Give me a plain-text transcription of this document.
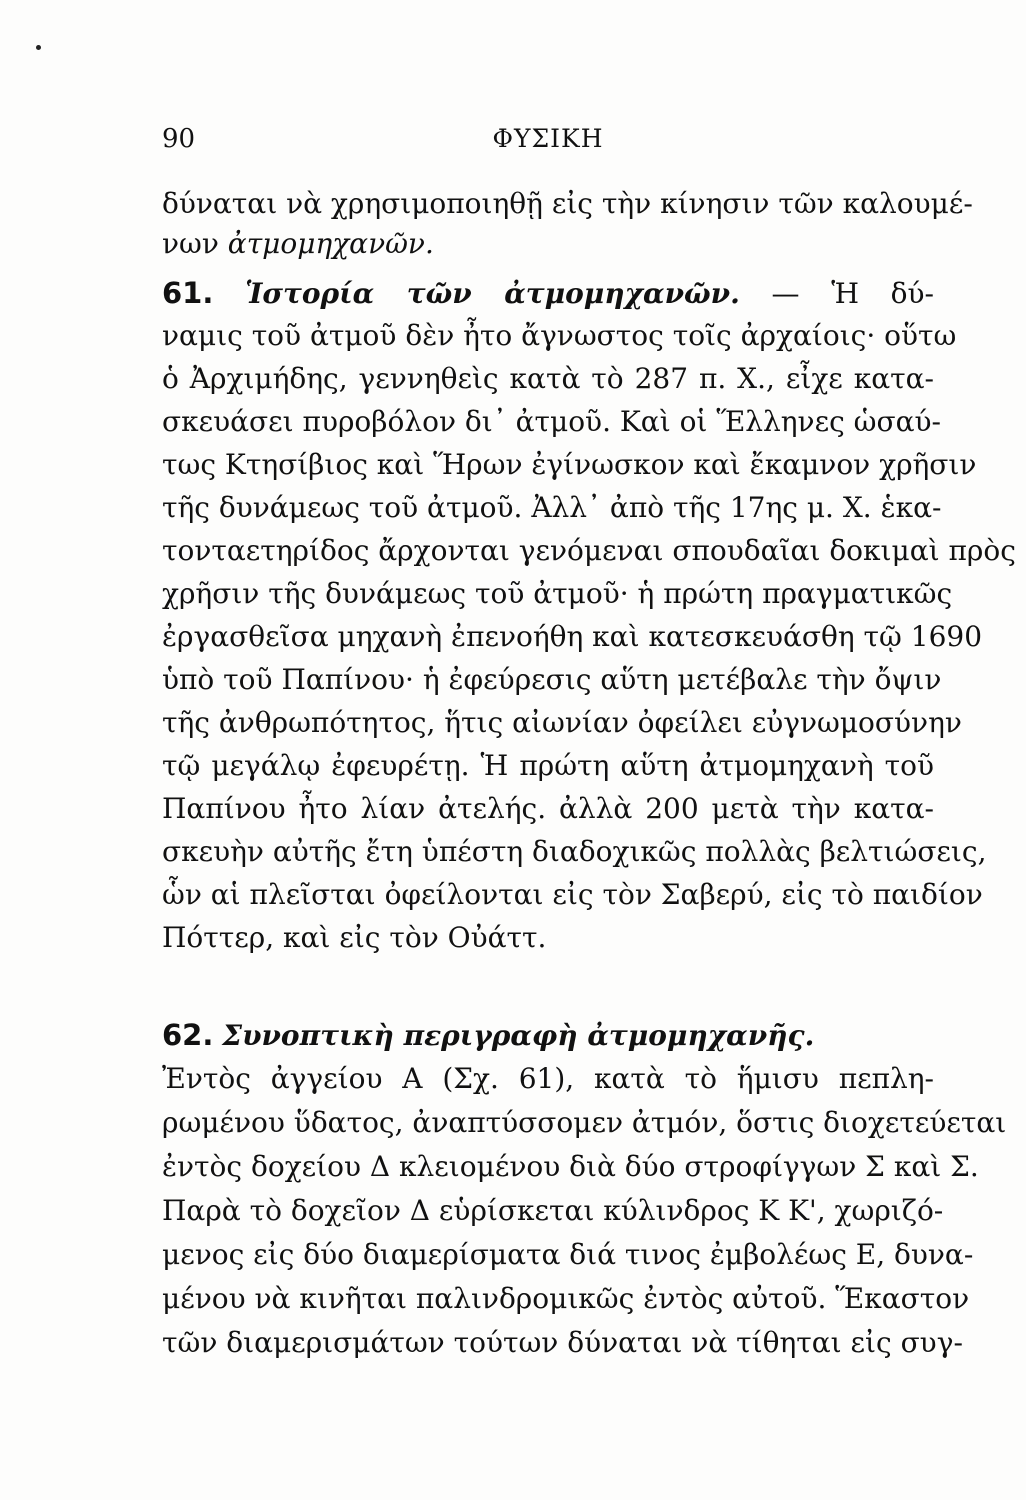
90	ΦΥΣΙΚΗ
δύναται νὰ χρησιμοποιηθῇ εἰς τὴν κίνησιν τῶν καλουμέ-
νων ἀτμομηχανῶν.
61. Ἱστορία τῶν ἀτμομηχανῶν. — Ἡ δύ-
ναμις τοῦ ἀτμοῦ δὲν ἦτο ἄγνωστος τοῖς ἀρχαίοις· οὕτω
ὁ Ἀρχιμήδης, γεννηθεὶς κατὰ τὸ 287 π. Χ., εἶχε κατα-
σκευάσει πυροβόλον δι᾽ ἀτμοῦ. Καὶ οἱ Ἕλληνες ὡσαύ-
τως Κτησίβιος καὶ Ἥρων ἐγίνωσκον καὶ ἔκαμνον χρῆσιν
τῆς δυνάμεως τοῦ ἀτμοῦ. Ἀλλ᾽ ἀπὸ τῆς 17ης μ. Χ. ἑκα-
τονταετηρίδος ἄρχονται γενόμεναι σπουδαῖαι δοκιμαὶ πρὸς
χρῆσιν τῆς δυνάμεως τοῦ ἀτμοῦ· ἡ πρώτη πραγματικῶς
ἐργασθεῖσα μηχανὴ ἐπενοήθη καὶ κατεσκευάσθη τῷ 1690
ὑπὸ τοῦ Παπίνου· ἡ ἐφεύρεσις αὕτη μετέβαλε τὴν ὄψιν
τῆς ἀνθρωπότητος, ἥτις αἰωνίαν ὀφείλει εὐγνωμοσύνην
τῷ μεγάλῳ ἐφευρέτῃ. Ἡ πρώτη αὕτη ἀτμομηχανὴ τοῦ
Παπίνου ἦτο λίαν ἀτελής. ἀλλὰ 200 μετὰ τὴν κατα-
σκευὴν αὐτῆς ἔτη ὑπέστη διαδοχικῶς πολλὰς βελτιώσεις,
ὧν αἱ πλεῖσται ὀφείλονται εἰς τὸν Σαβερύ, εἰς τὸ παιδίον
Πόττερ, καὶ εἰς τὸν Οὐάττ.
62. Συνοπτικὴ περιγραφὴ ἀτμομηχανῆς.
Ἐντὸς ἀγγείου Α (Σχ. 61), κατὰ τὸ ἥμισυ πεπλη-
ρωμένου ὕδατος, ἀναπτύσσομεν ἀτμόν, ὅστις διοχετεύεται
ἐντὸς δοχείου Δ κλειομένου διὰ δύο στροφίγγων Σ καὶ Σ.
Παρὰ τὸ δοχεῖον Δ εὑρίσκεται κύλινδρος Κ Κ', χωριζό-
μενος εἰς δύο διαμερίσματα διά τινος ἐμβολέως Ε, δυνα-
μένου νὰ κινῆται παλινδρομικῶς ἐντὸς αὐτοῦ. Ἕκαστον
τῶν διαμερισμάτων τούτων δύναται νὰ τίθηται εἰς συγ-
